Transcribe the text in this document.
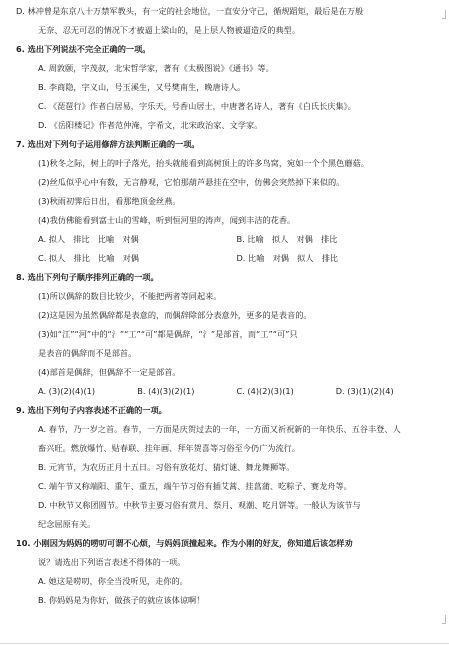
D. 林冲曾是东京八十万禁军教头，有一定的社会地位，一直安分守己，循规蹈矩，最后是在万般
无奈、忍无可忍的情况下才被逼上梁山的，是上层人物被逼造反的典型。
6. 选出下列说法不完全正确的一项。
A. 周敦颐，字茂叔，北宋哲学家，著有《太极图说》《通书》等。
B. 李商隐，字义山，号玉溪生，又号樊南生，晚唐诗人。
C. 《琵琶行》作者白居易，字乐天，号香山居士，中唐著名诗人，著有《白氏长庆集》。
D. 《岳阳楼记》作者范仲淹，字希文，北宋政治家、文学家。
7. 选出对下列句子运用修辞方法判断正确的一项。
(1)秋冬之际，树上的叶子落光，抬头就能看到高树顶上的许多鸟窝，宛如一个个黑色蘑菇。
(2)丝瓜似乎心中有数，无言静观，它怕那葫芦悬挂在空中，仿佛会突然掉下来似的。
(3)秋雨初霁后日出，看那绝顶金丝燕。
(4)我仿佛能看到富士山的雪峰，听到恒河里的涛声，闻到丰洁的花香。
A. 拟人　排比　比喻　对偶	B. 比喻　拟人　对偶　排比
C. 拟人　排比　比喻　对偶	D. 比喻　对偶　拟人　排比
8. 选出下列句子顺序排列正确的一项。
(1)所以偶辞的数目比较少，不能把两者等同起来。
(2)这是因为虽然偶辞都是表意的，而偶辞除部分表意外，更多的是表音的。
(3)如“江”“河”中的“氵”“工”“可”都是偶辞，“氵”是部首，而“工”“可”只
是表音的偶辞而不是部首。
(4)部首是偶辞，但偶辞不一定是部首。
A. (3)(2)(4)(1)	B. (4)(3)(2)(1)	C. (4)(2)(3)(1)	D. (3)(1)(2)(4)
9. 选出下列句子内容表述不正确的一项。
A. 春节，乃一岁之首。春节，一方面是庆贺过去的一年，一方面又祈祝新的一年快乐、五谷丰登、人
畜兴旺。燃放爆竹、贴春联、挂年画、拜年贺喜等习俗至今仍广为流行。
B. 元宵节，为农历正月十五日。习俗有放花灯、猜灯谜、舞龙舞狮等。
C. 端午节又称端阳、重午、重五，端午节习俗有插艾蒿、挂菖蒲、吃粽子、赛龙舟等。
D. 中秋节又称团圆节。中秋节主要习俗有赏月、祭月、观潮、吃月饼等。一般认为该节与
纪念屈原有关。
10. 小刚因为妈妈的唠叨可谓不心烦，与妈妈顶撞起来。作为小刚的好友，你知道后该怎样劝
说？请选出下列语言表述不得体的一项。
A. 她这是唠叨，你全当没听见，走你的。
B. 你妈妈是为你好，做孩子的就应该体谅啊！
